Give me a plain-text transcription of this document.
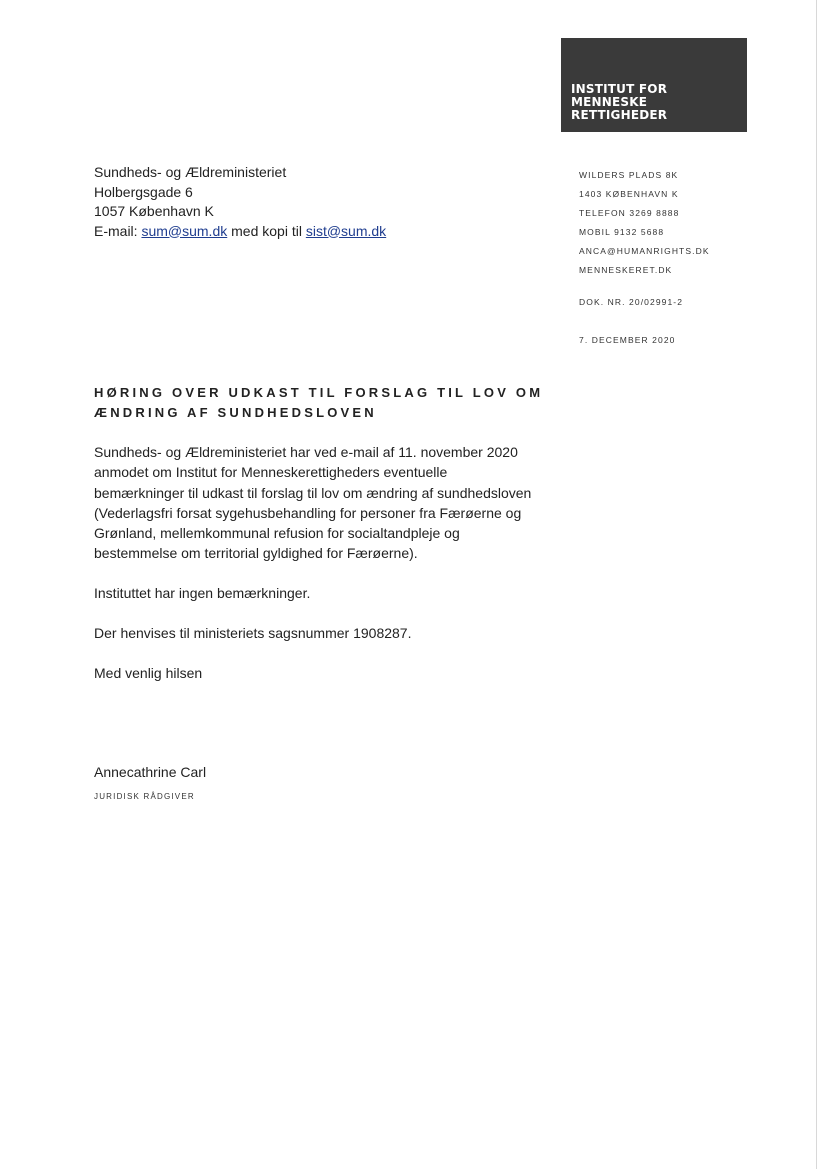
INSTITUT FOR
MENNESKE
RETTIGHEDER
Sundheds- og Ældreministeriet
Holbergsgade 6
1057 København K
E-mail: sum@sum.dk med kopi til sist@sum.dk
WILDERS PLADS 8K
1403 KØBENHAVN K
TELEFON 3269 8888
MOBIL 9132 5688
ANCA@HUMANRIGHTS.DK
MENNESKERET.DK
DOK. NR. 20/02991-2
7. DECEMBER 2020
HØRING OVER UDKAST TIL FORSLAG TIL LOV OM
ÆNDRING AF SUNDHEDSLOVEN
Sundheds- og Ældreministeriet har ved e-mail af 11. november 2020
anmodet om Institut for Menneskerettigheders eventuelle
bemærkninger til udkast til forslag til lov om ændring af sundhedsloven
(Vederlagsfri forsat sygehusbehandling for personer fra Færøerne og
Grønland, mellemkommunal refusion for socialtandpleje og
bestemmelse om territorial gyldighed for Færøerne).
Instituttet har ingen bemærkninger.
Der henvises til ministeriets sagsnummer 1908287.
Med venlig hilsen
Annecathrine Carl
JURIDISK RÅDGIVER
